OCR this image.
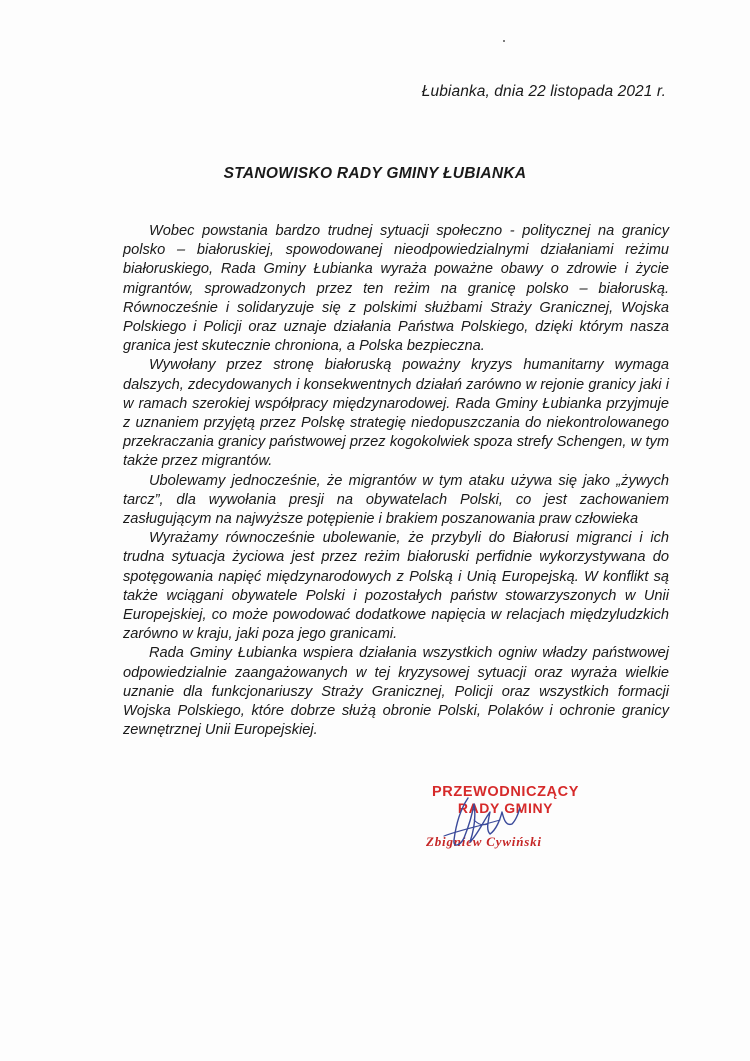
Łubianka, dnia 22 listopada 2021 r.
STANOWISKO RADY GMINY ŁUBIANKA

Wobec powstania bardzo trudnej sytuacji społeczno - politycznej na granicy polsko – białoruskiej, spowodowanej nieodpowiedzialnymi działaniami reżimu białoruskiego, Rada Gminy Łubianka wyraża poważne obawy o zdrowie i życie migrantów, sprowadzonych przez ten reżim na granicę polsko – białoruską. Równocześnie i solidaryzuje się z polskimi służbami Straży Granicznej, Wojska Polskiego i Policji oraz uznaje działania Państwa Polskiego, dzięki którym nasza granica jest skutecznie chroniona, a Polska bezpieczna.

Wywołany przez stronę białoruską poważny kryzys humanitarny wymaga dalszych, zdecydowanych i konsekwentnych działań zarówno w rejonie granicy jaki i w ramach szerokiej współpracy międzynarodowej. Rada Gminy Łubianka przyjmuje z uznaniem przyjętą przez Polskę strategię niedopuszczania do niekontrolowanego przekraczania granicy państwowej przez kogokolwiek spoza strefy Schengen, w tym także przez migrantów.

Ubolewamy jednocześnie, że migrantów w tym ataku używa się jako „żywych tarcz”, dla wywołania presji na obywatelach Polski, co jest zachowaniem zasługującym na najwyższe potępienie i brakiem poszanowania praw człowieka

Wyrażamy równocześnie ubolewanie, że przybyli do Białorusi migranci i ich trudna sytuacja życiowa jest przez reżim białoruski perfidnie wykorzystywana do spotęgowania napięć międzynarodowych z Polską i Unią Europejską. W konflikt są także wciągani obywatele Polski i pozostałych państw stowarzyszonych w Unii Europejskiej, co może powodować dodatkowe napięcia w relacjach międzyludzkich zarówno w kraju, jaki poza jego granicami.

Rada Gminy Łubianka wspiera działania wszystkich ogniw władzy państwowej odpowiedzialnie zaangażowanych w tej kryzysowej sytuacji oraz wyraża wielkie uznanie dla funkcjonariuszy Straży Granicznej, Policji oraz wszystkich formacji Wojska Polskiego, które dobrze służą obronie Polski, Polaków i ochronie granicy zewnętrznej Unii Europejskiej.

PRZEWODNICZĄCY
RADY GMINY
Zbigniew Cywiński
